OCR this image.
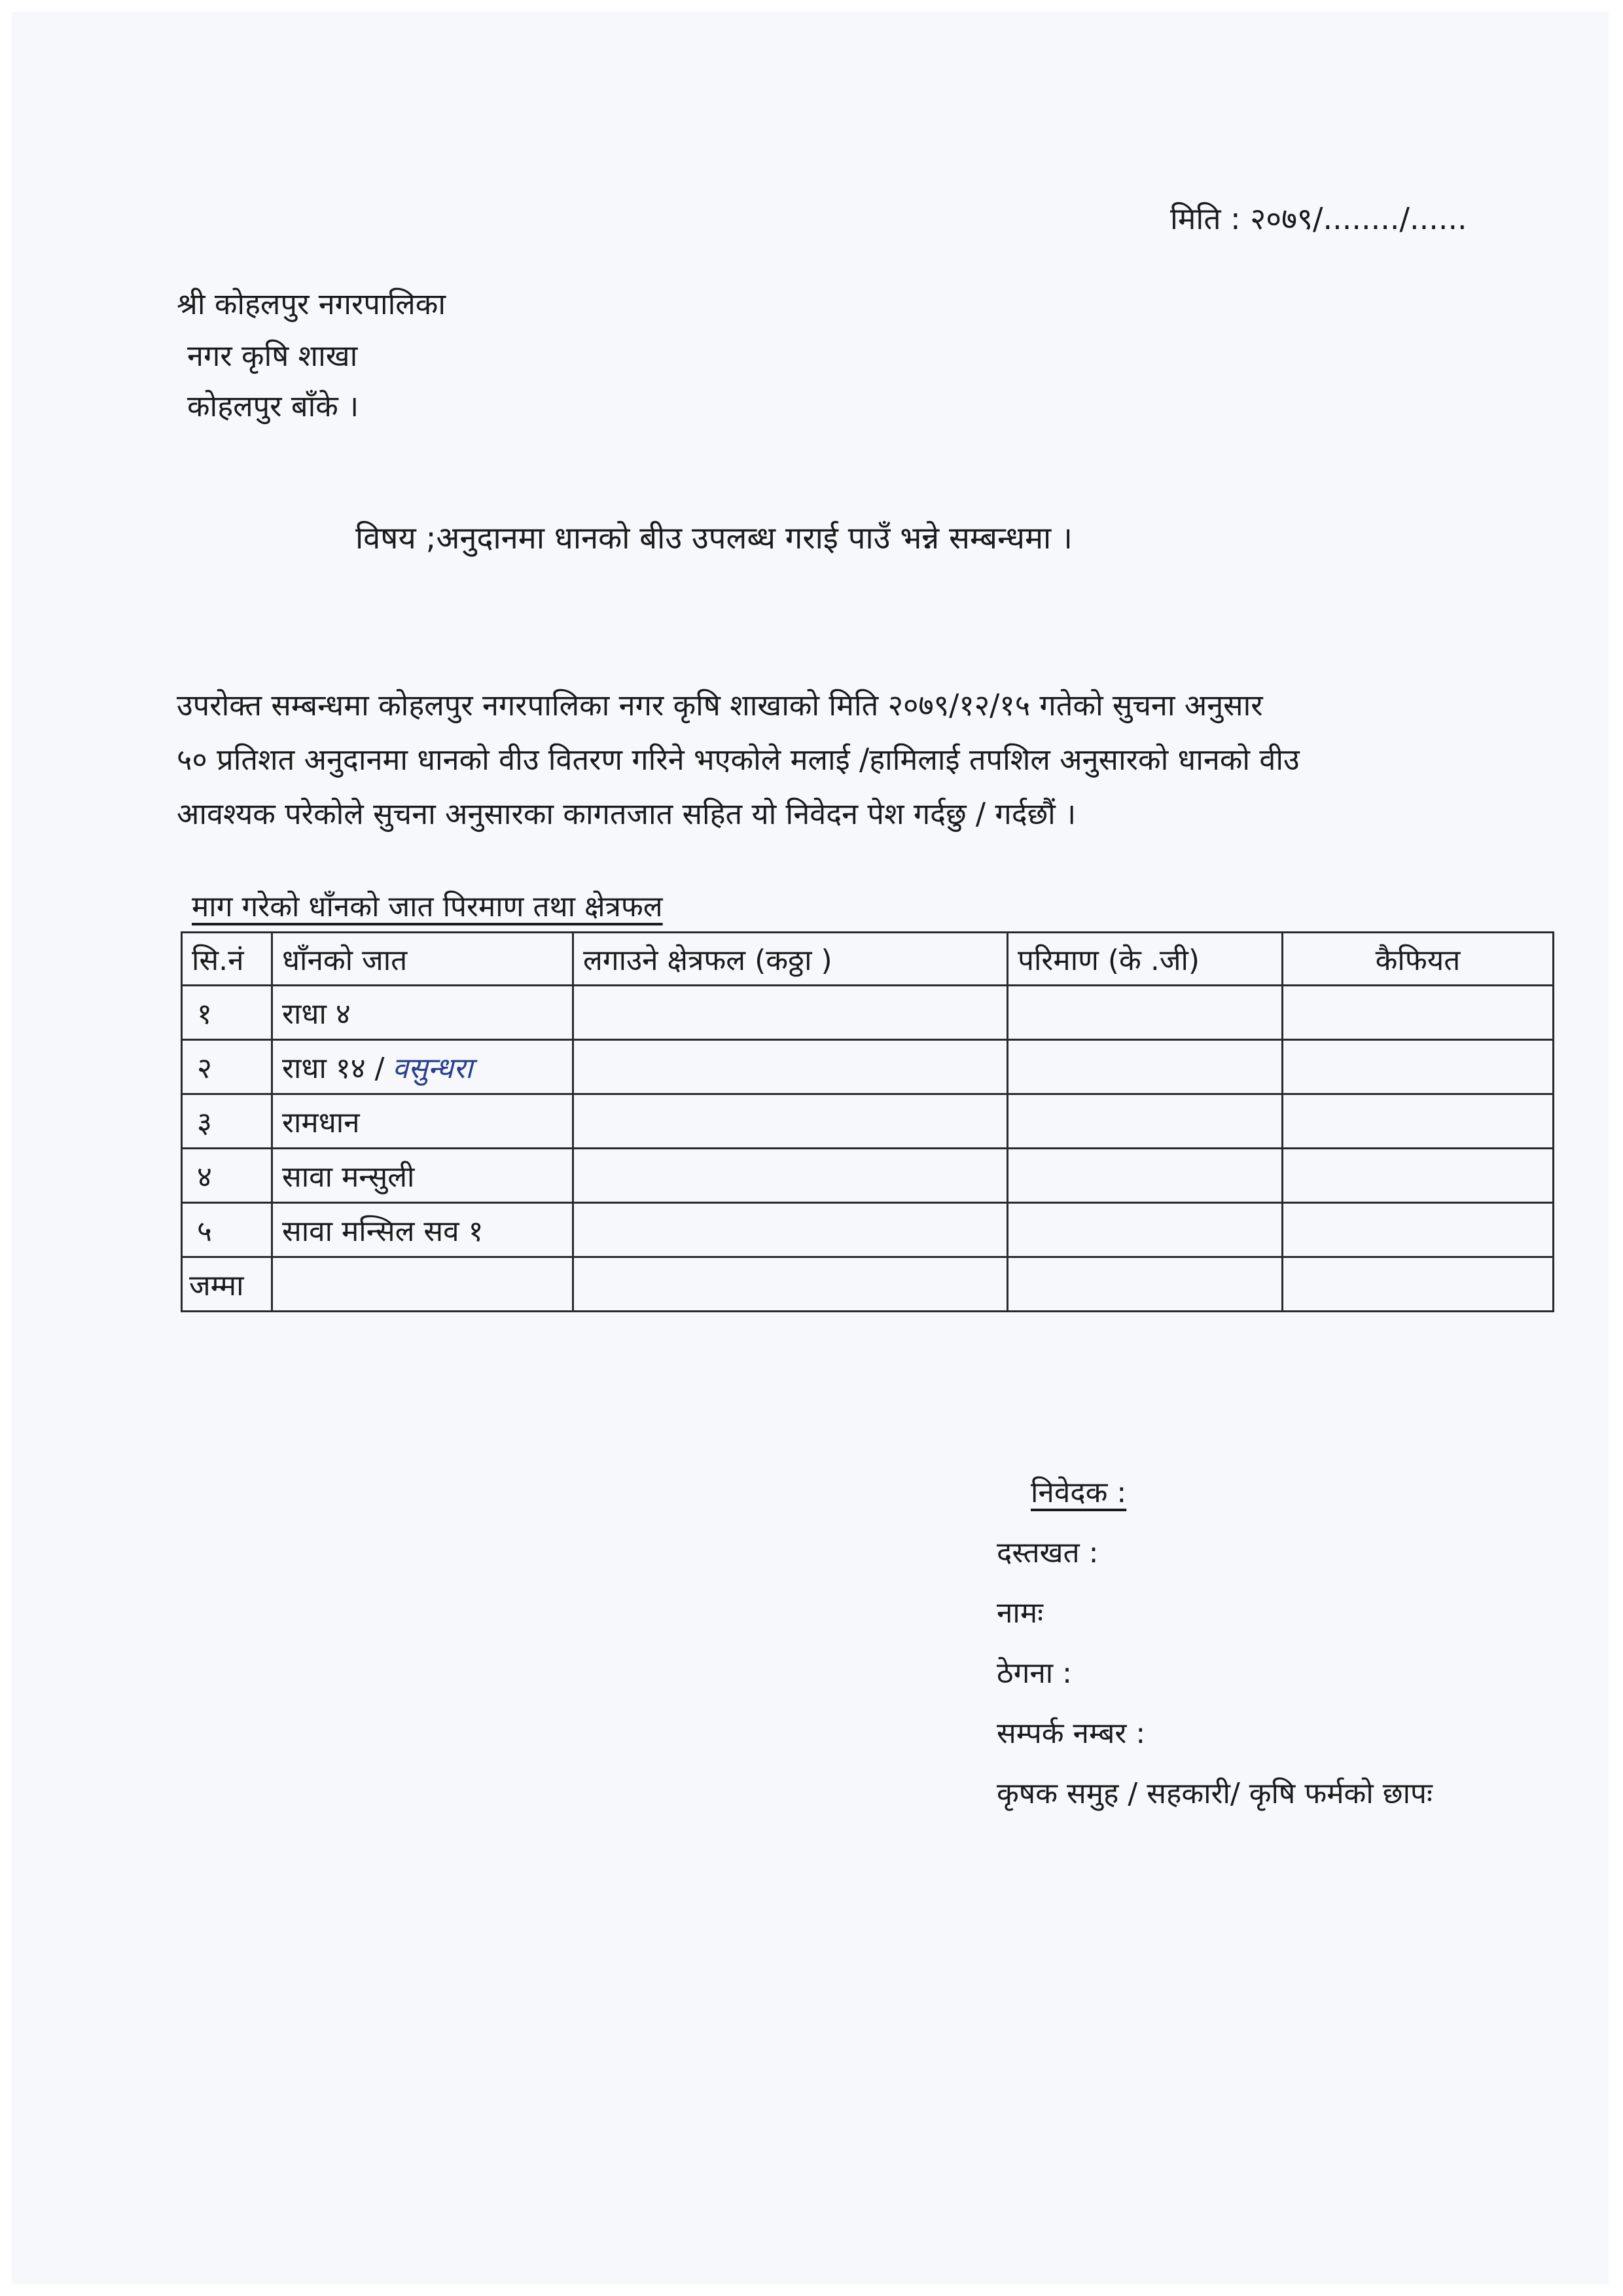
मिति : २०७९/......../......
श्री कोहलपुर नगरपालिका
नगर कृषि शाखा
कोहलपुर बाँके ।
विषय ;अनुदानमा धानको बीउ उपलब्ध गराई पाउँ भन्ने सम्बन्धमा ।
उपरोक्त सम्बन्धमा कोहलपुर नगरपालिका नगर कृषि शाखाको मिति २०७९/१२/१५ गतेको सुचना अनुसार
५० प्रतिशत अनुदानमा धानको वीउ वितरण गरिने भएकोले मलाई /हामिलाई तपशिल अनुसारको धानको वीउ
आवश्यक परेकोले सुचना अनुसारका कागतजात सहित यो निवेदन पेश गर्दछु / गर्दछौं ।
माग गरेको धाँनको जात पिरमाण तथा क्षेत्रफल
सि.नं	धाँनको जात	लगाउने क्षेत्रफल (कठ्ठा )	परिमाण (के .जी)	कैफियत
१	राधा ४			
२	राधा १४ / वसुन्धरा			
३	रामधान			
४	सावा मन्सुली			
५	सावा मन्सिल सव १			
जम्मा				
निवेदक :
दस्तखत :
नामः
ठेगना :
सम्पर्क नम्बर :
कृषक समुह / सहकारी/ कृषि फर्मको छापः
